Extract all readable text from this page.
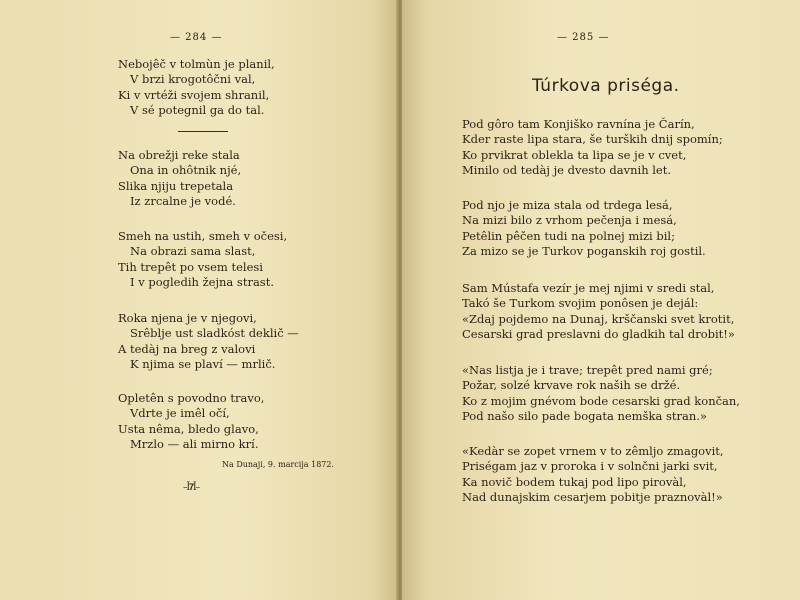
— 284 —
Nebojêč v tolmùn je planil,
V brzi krogotôčni val,
Ki v vrtéži svojem shranil,
V sé potegnil ga do tal.
Na obrežji reke stala
Ona in ohôtnik njé,
Slika njiju trepetala
Iz zrcalne je vodé.
Smeh na ustih, smeh v očesi,
Na obrazi sama slast,
Tih trepêt po vsem telesi
I v pogledih žejna strast.
Roka njena je v njegovi,
Srêblje ust sladkóst deklič —
A tedàj na breg z valovi
K njima se plaví — mrlič.
Opletên s povodno travo,
Vdrte je imêl očí,
Usta nêma, bledo glavo,
Mrzlo — ali mirno krí.
Na Dunaji, 9. marcija 1872.
–ꟾ𝟕ꟾ–
— 285 —
Túrkova priséga.
Pod gôro tam Konjiško ravnína je Čarín,
Kder raste lipa stara, še turških dnij spomín;
Ko prvikrat oblekla ta lipa se je v cvet,
Minilo od tedàj je dvesto davnih let.
Pod njo je miza stala od trdega lesá,
Na mizi bilo z vrhom pečenja i mesá,
Petêlin pêčen tudi na polnej mizi bil;
Za mizo se je Turkov poganskih roj gostil.
Sam Mústafa vezír je mej njimi v sredi stal,
Takó še Turkom svojim ponôsen je dejál:
«Zdaj pojdemo na Dunaj, krščanski svet krotit,
Cesarski grad preslavni do gladkih tal drobit!»
«Nas listja je i trave; trepêt pred nami gré;
Požar, solzé krvave rok naših se držé.
Ko z mojim gnévom bode cesarski grad končan,
Pod našo silo pade bogata nemška stran.»
«Kedàr se zopet vrnem v to zêmljo zmagovit,
Priségam jaz v proroka i v solnčni jarki svit,
Ka novič bodem tukaj pod lipo pirovàl,
Nad dunajskim cesarjem pobitje praznovàl!»
